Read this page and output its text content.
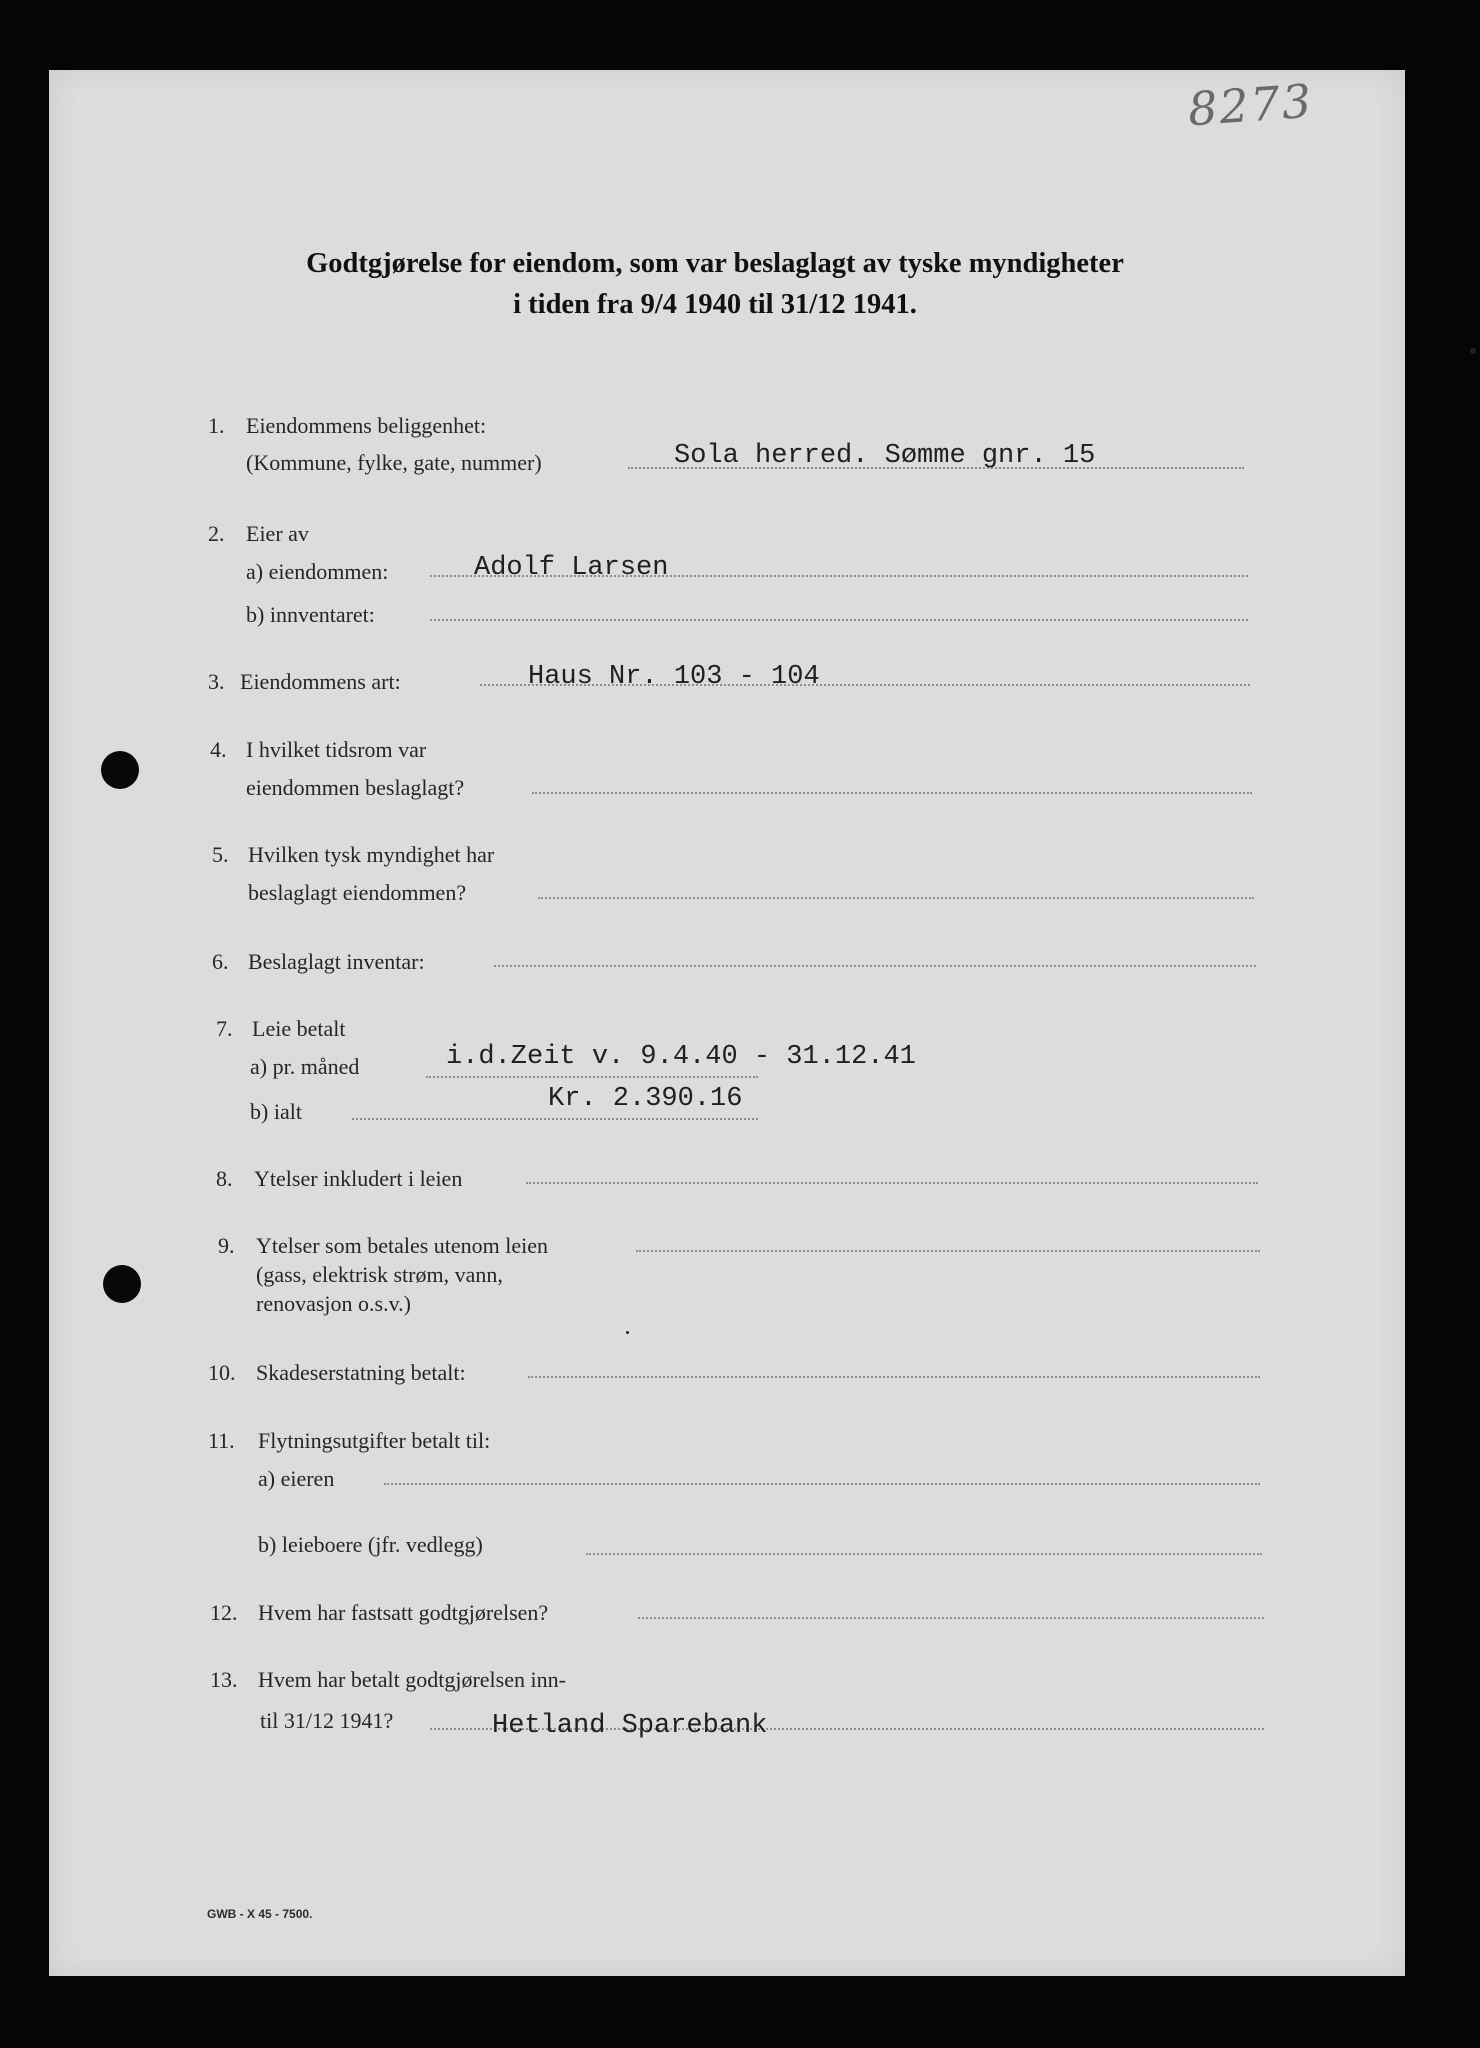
8273
Godtgjørelse for eiendom, som var beslaglagt av tyske myndigheter
i tiden fra 9/4 1940 til 31/12 1941.
1. Eiendommens beliggenhet:
(Kommune, fylke, gate, nummer)	Sola herred. Sømme gnr. 15
2. Eier av
a) eiendommen:	Adolf Larsen
b) innventaret:
3. Eiendommens art:	Haus Nr. 103 - 104
4. I hvilket tidsrom var
eiendommen beslaglagt?
5. Hvilken tysk myndighet har
beslaglagt eiendommen?
6. Beslaglagt inventar:
7. Leie betalt
a) pr. måned	i.d.Zeit v. 9.4.40 - 31.12.41
b) ialt	Kr. 2.390.16
8. Ytelser inkludert i leien
9. Ytelser som betales utenom leien
(gass, elektrisk strøm, vann,
renovasjon o.s.v.)
10. Skadeserstatning betalt:
11. Flytningsutgifter betalt til:
a) eieren
b) leieboere (jfr. vedlegg)
12. Hvem har fastsatt godtgjørelsen?
13. Hvem har betalt godtgjørelsen inn-
til 31/12 1941?	Hetland Sparebank
GWB - X 45 - 7500.
